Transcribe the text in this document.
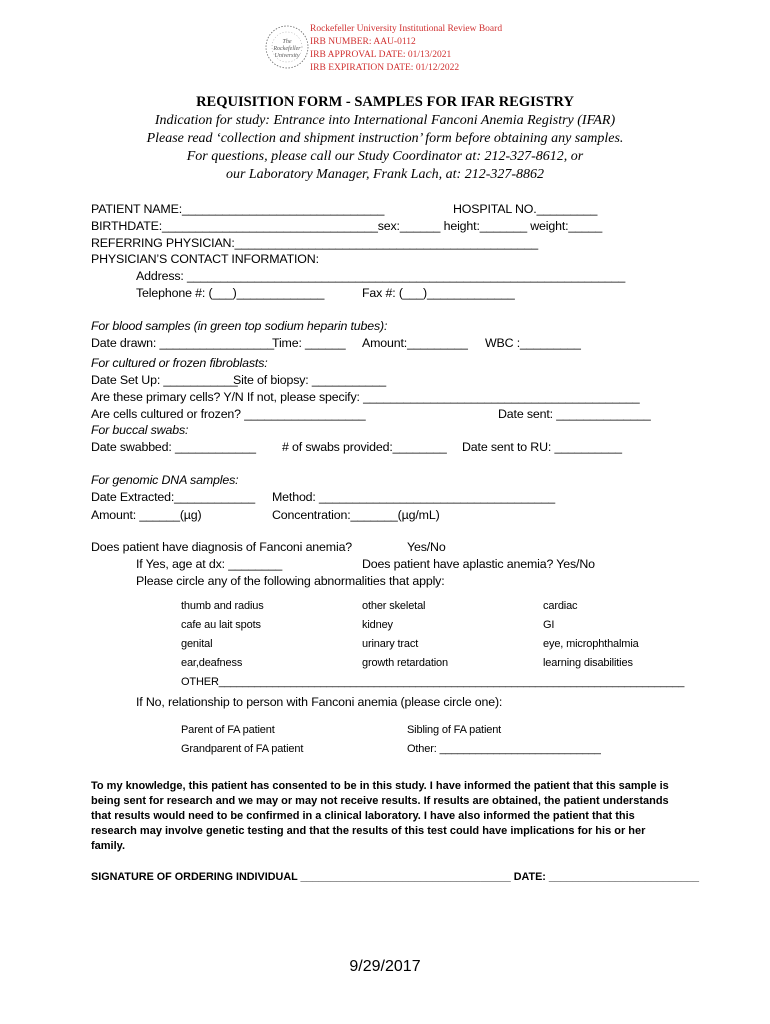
The
Rockefeller
University
Rockefeller University Institutional Review Board
IRB NUMBER: AAU-0112
IRB APPROVAL DATE: 01/13/2021
IRB EXPIRATION DATE: 01/12/2022
REQUISITION FORM - SAMPLES FOR IFAR REGISTRY
Indication for study: Entrance into International Fanconi Anemia Registry (IFAR)
Please read ‘collection and shipment instruction’ form before obtaining any samples.
For questions, please call our Study Coordinator at: 212-327-8612, or
our Laboratory Manager, Frank Lach, at: 212-327-8862
PATIENT NAME:______________________________	HOSPITAL NO._________
BIRTHDATE:________________________________sex:______ height:_______ weight:_____
REFERRING PHYSICIAN:_____________________________________________
PHYSICIAN’S CONTACT INFORMATION:
Address: _________________________________________________________________
Telephone #: (___)_____________	Fax #: (___)_____________
For blood samples (in green top sodium heparin tubes):
Date drawn: _________________
Time: ______ Amount:_________ WBC :_________
For cultured or frozen fibroblasts:
Date Set Up: ___________
Site of biopsy: ___________
Are these primary cells? Y/N If not, please specify: _________________________________________
Are cells cultured or frozen? __________________	Date sent: ______________
For buccal swabs:
Date swabbed: ____________ # of swabs provided:________ Date sent to RU: __________
For genomic DNA samples:
Date Extracted:____________ Method: ___________________________________
Amount: ______(µg)	Concentration:_______(µg/mL)
Does patient have diagnosis of Fanconi anemia?	Yes/No
If Yes, age at dx: ________	Does patient have aplastic anemia? Yes/No
Please circle any of the following abnormalities that apply:
thumb and radius	other skeletal	cardiac
cafe au lait spots	kidney	GI
genital	urinary tract	eye, microphthalmia
ear,deafness	growth retardation	learning disabilities
OTHER______________________________________________________________________________
If No, relationship to person with Fanconi anemia (please circle one):
Parent of FA patient	Sibling of FA patient
Grandparent of FA patient	Other: ___________________________
To my knowledge, this patient has consented to be in this study. I have informed the patient that this sample is being sent for research and we may or may not receive results. If results are obtained, the patient understands that results would need to be confirmed in a clinical laboratory. I have also informed the patient that this research may involve genetic testing and that the results of this test could have implications for his or her family.
SIGNATURE OF ORDERING INDIVIDUAL ___________________________________ DATE: _________________________
9/29/2017
